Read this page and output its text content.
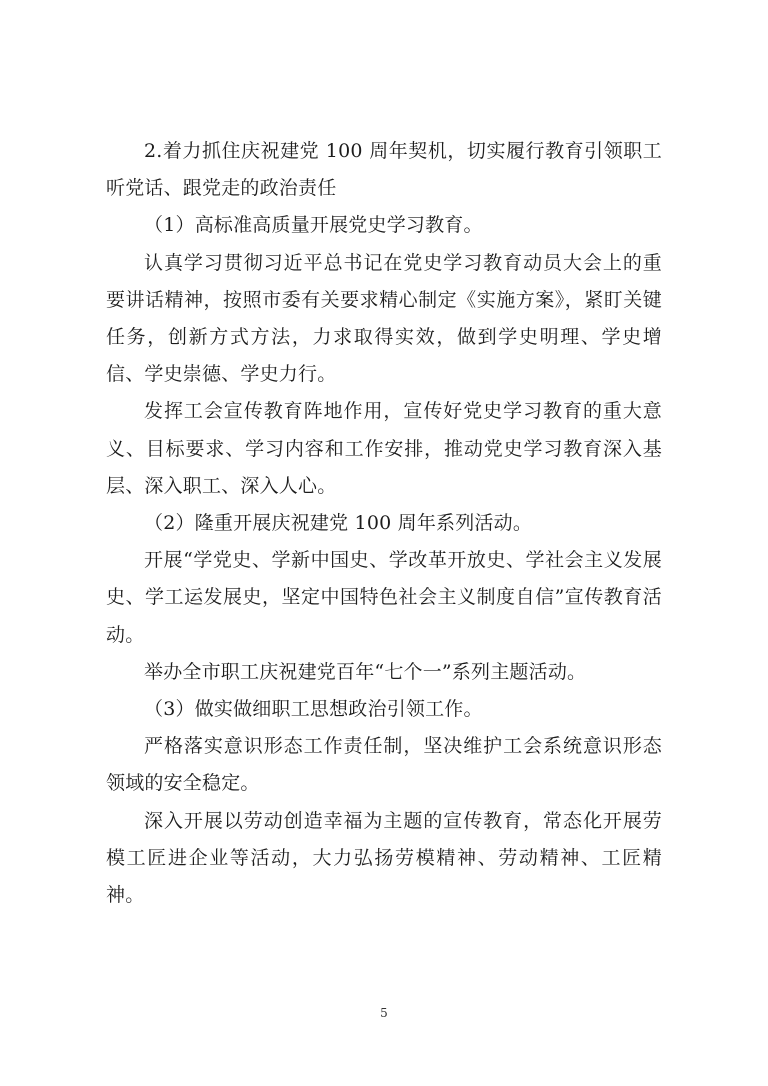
2.着力抓住庆祝建党 100 周年契机，切实履行教育引领职工听党话、跟党走的政治责任

（1）高标准高质量开展党史学习教育。

认真学习贯彻习近平总书记在党史学习教育动员大会上的重要讲话精神，按照市委有关要求精心制定《实施方案》，紧盯关键任务，创新方式方法，力求取得实效，做到学史明理、学史增信、学史崇德、学史力行。

发挥工会宣传教育阵地作用，宣传好党史学习教育的重大意义、目标要求、学习内容和工作安排，推动党史学习教育深入基层、深入职工、深入人心。

（2）隆重开展庆祝建党 100 周年系列活动。

开展“学党史、学新中国史、学改革开放史、学社会主义发展史、学工运发展史，坚定中国特色社会主义制度自信”宣传教育活动。

举办全市职工庆祝建党百年“七个一”系列主题活动。

（3）做实做细职工思想政治引领工作。

严格落实意识形态工作责任制，坚决维护工会系统意识形态领域的安全稳定。

深入开展以劳动创造幸福为主题的宣传教育，常态化开展劳模工匠进企业等活动，大力弘扬劳模精神、劳动精神、工匠精神。

5
